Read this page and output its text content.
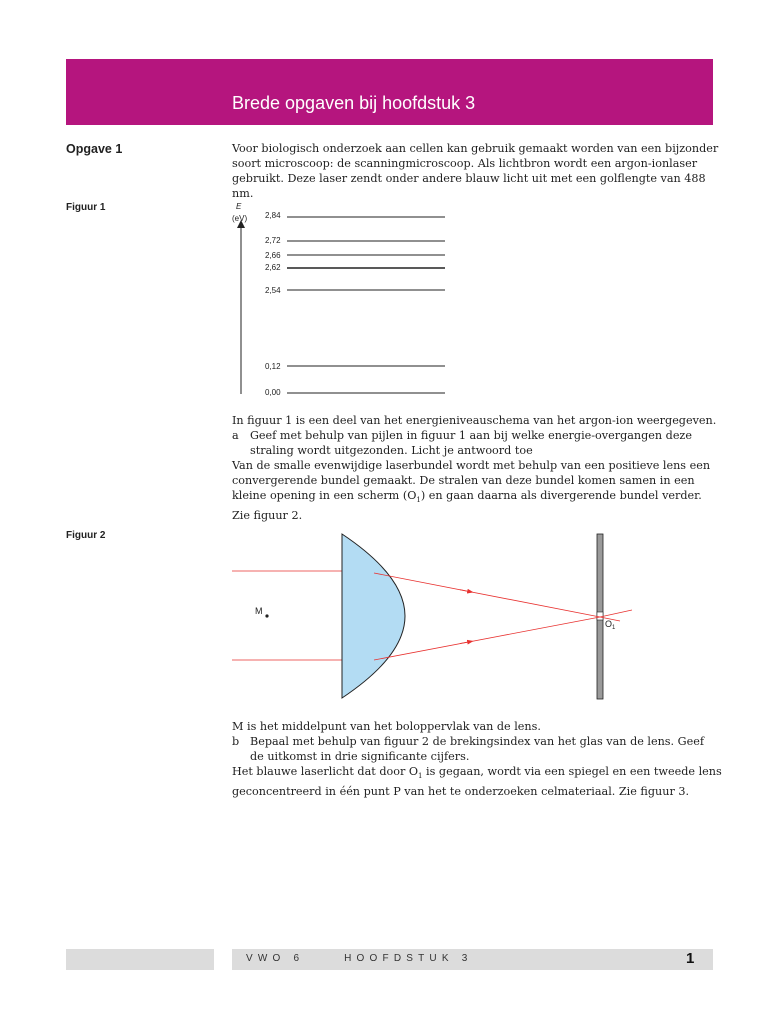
Brede opgaven bij hoofdstuk 3
Opgave 1
Figuur 1
Figuur 2

Voor biologisch onderzoek aan cellen kan gebruik gemaakt worden van een bijzonder soort microscoop: de scanningmicroscoop. Als lichtbron wordt een argon-ionlaser gebruikt. Deze laser zendt onder andere blauw licht uit met een golflengte van 488 nm.

E
(eV) 2,84
2,72
2,66
2,62
2,54
0,12
0,00

In figuur 1 is een deel van het energieniveauschema van het argon-ion weergegeven.

a Geef met behulp van pijlen in figuur 1 aan bij welke energie-overgangen deze straling wordt uitgezonden. Licht je antwoord toe

Van de smalle evenwijdige laserbundel wordt met behulp van een positieve lens een convergerende bundel gemaakt. De stralen van deze bundel komen samen in een kleine opening in een scherm $(O_1)$ en gaan daarna als divergerende bundel verder. Zie figuur 2.

M
$O_1$

M is het middelpunt van het boloppervlak van de lens.

b Bepaal met behulp van figuur 2 de brekingsindex van het glas van de lens. Geef de uitkomst in drie significante cijfers.

Het blauwe laserlicht dat door $O_1$ is gegaan, wordt via een spiegel en een tweede lens geconcentreerd in één punt P van het te onderzoeken celmateriaal. Zie figuur 3.

VWO 6	HOOFDSTUK 3	1
